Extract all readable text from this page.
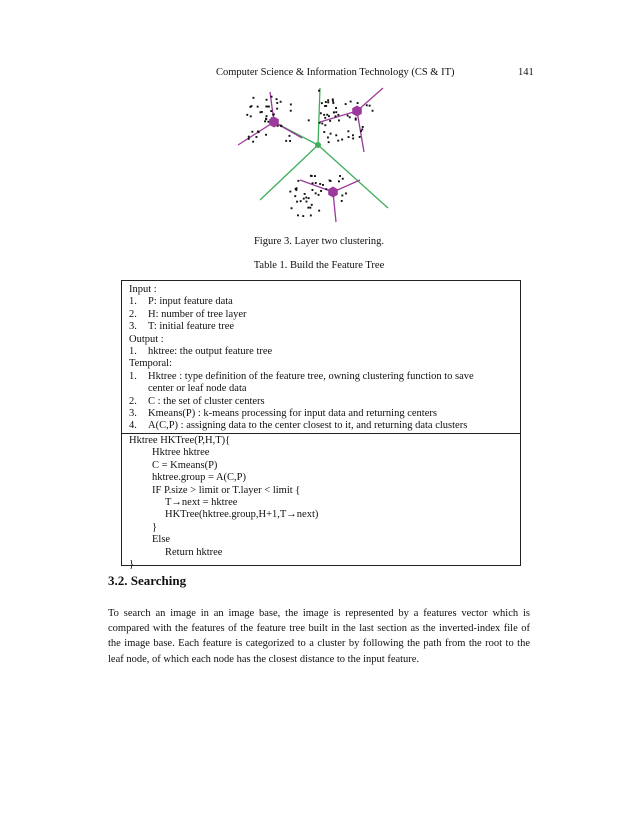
Computer Science & Information Technology (CS & IT)	141
Figure 3. Layer two clustering.
Table 1. Build the Feature Tree
Input :
1. P: input feature data
2. H: number of tree layer
3. T: initial feature tree
Output :
1. hktree: the output feature tree
Temporal:
1. Hktree : type definition of the feature tree, owning clustering function to save
center or leaf node data
2. C : the set of cluster centers
3. Kmeans(P) : k-means processing for input data and returning centers
4. A(C,P) : assigning data to the center closest to it, and returning data clusters
Hktree HKTree(P,H,T){
Hktree hktree
C = Kmeans(P)
hktree.group = A(C,P)
IF P.size > limit or T.layer < limit {
T→next = hktree
HKTree(hktree.group,H+1,T→next)
}
Else
Return hktree
}
3.2. Searching

To search an image in an image base, the image is represented by a features vector which is compared with the features of the feature tree built in the last section as the inverted-index file of the image base. Each feature is categorized to a cluster by following the path from the root to the leaf node, of which each node has the closest distance to the input feature.
